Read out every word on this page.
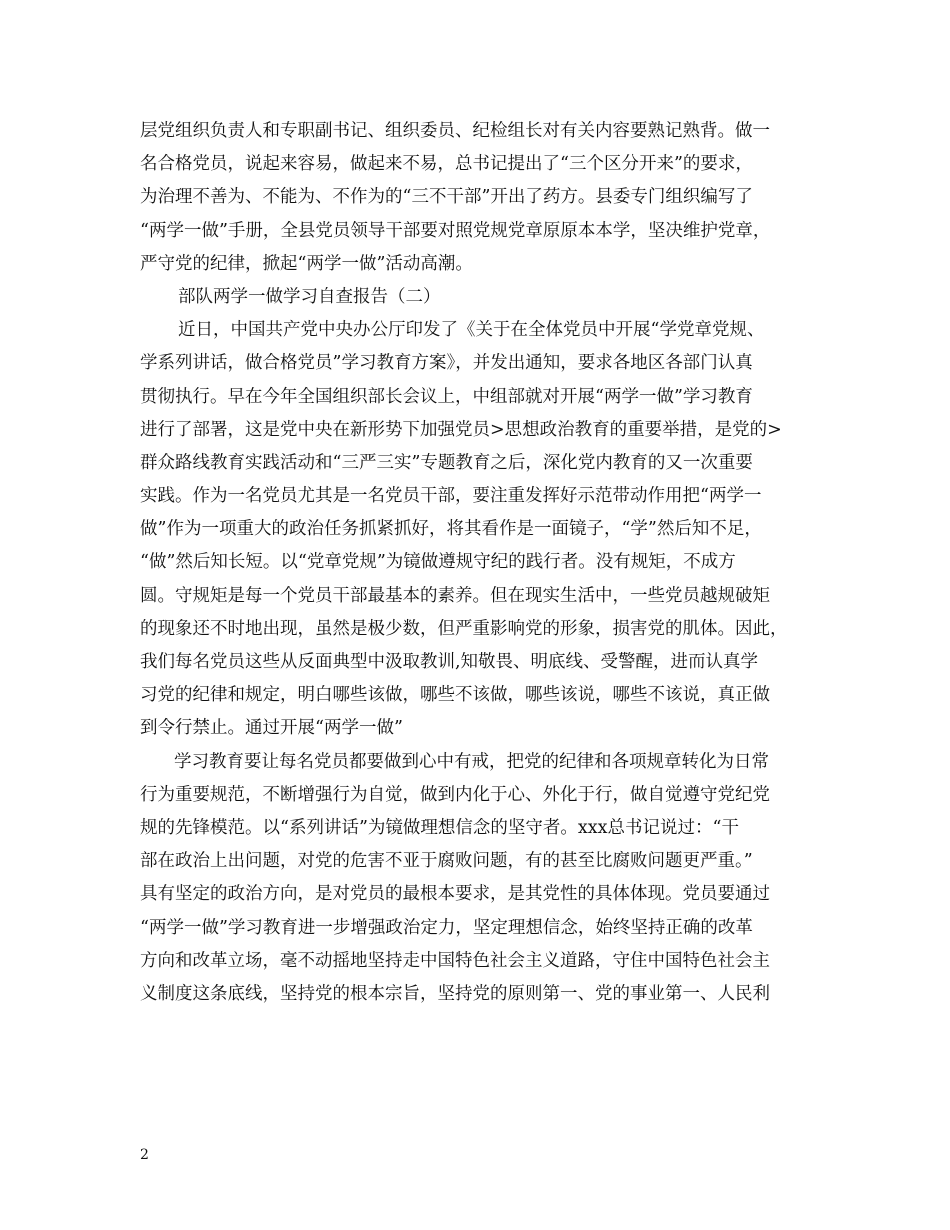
层党组织负责人和专职副书记、组织委员、纪检组长对有关内容要熟记熟背。做一
名合格党员，说起来容易，做起来不易，总书记提出了“三个区分开来”的要求，
为治理不善为、不能为、不作为的“三不干部”开出了药方。县委专门组织编写了
“两学一做”手册，全县党员领导干部要对照党规党章原原本本学，坚决维护党章，
严守党的纪律，掀起“两学一做”活动高潮。
部队两学一做学习自查报告（二）
近日，中国共产党中央办公厅印发了《关于在全体党员中开展“学党章党规、
学系列讲话，做合格党员”学习教育方案》，并发出通知，要求各地区各部门认真
贯彻执行。早在今年全国组织部长会议上，中组部就对开展“两学一做”学习教育
进行了部署，这是党中央在新形势下加强党员>思想政治教育的重要举措，是党的>
群众路线教育实践活动和“三严三实”专题教育之后，深化党内教育的又一次重要
实践。作为一名党员尤其是一名党员干部，要注重发挥好示范带动作用把“两学一
做”作为一项重大的政治任务抓紧抓好，将其看作是一面镜子，“学”然后知不足，
“做”然后知长短。以“党章党规”为镜做遵规守纪的践行者。没有规矩，不成方
圆。守规矩是每一个党员干部最基本的素养。但在现实生活中，一些党员越规破矩
的现象还不时地出现，虽然是极少数，但严重影响党的形象，损害党的肌体。因此，
我们每名党员这些从反面典型中汲取教训,知敬畏、明底线、受警醒，进而认真学
习党的纪律和规定，明白哪些该做，哪些不该做，哪些该说，哪些不该说，真正做
到令行禁止。通过开展“两学一做”
学习教育要让每名党员都要做到心中有戒，把党的纪律和各项规章转化为日常
行为重要规范，不断增强行为自觉，做到内化于心、外化于行，做自觉遵守党纪党
规的先锋模范。以“系列讲话”为镜做理想信念的坚守者。xxx总书记说过：“干
部在政治上出问题，对党的危害不亚于腐败问题，有的甚至比腐败问题更严重。”
具有坚定的政治方向，是对党员的最根本要求，是其党性的具体体现。党员要通过
“两学一做”学习教育进一步增强政治定力，坚定理想信念，始终坚持正确的改革
方向和改革立场，毫不动摇地坚持走中国特色社会主义道路，守住中国特色社会主
义制度这条底线，坚持党的根本宗旨，坚持党的原则第一、党的事业第一、人民利
2
